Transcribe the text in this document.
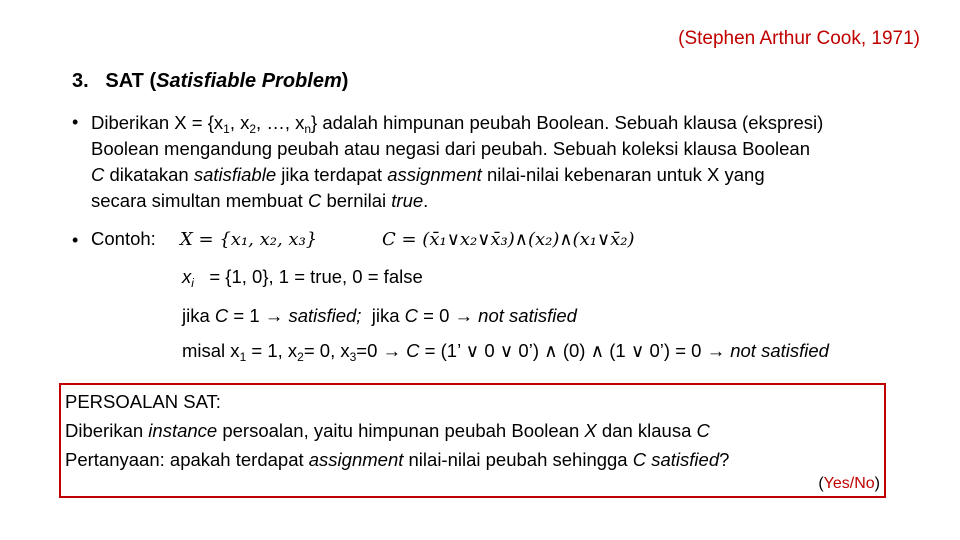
(Stephen Arthur Cook, 1971)
3. SAT (Satisfiable Problem)
• Diberikan $X = \{x_1$, $x_2$, …, $x_n$} adalah himpunan peubah Boolean. Sebuah klausa (ekspresi)
Boolean mengandung peubah atau negasi dari peubah. Sebuah koleksi klausa Boolean
C dikatakan satisfiable jika terdapat assignment nilai-nilai kebenaran untuk X yang
secara simultan membuat C bernilai true.
• Contoh: X = {x₁, x₂, x₃}	C = (x̄₁∨x₂∨x̄₃)∧(x₂)∧(x₁∨x̄₂)
$x_i = \{1$, 0}, 1 = true, 0 = false
jika C = 1 → satisfied;  jika C = 0 → not satisfied
misal $x_1 = 1$, $x_2= 0$, $x_3=0 \to C = (1$’ ∨ 0 ∨ 0’) ∧ (0) ∧ (1 ∨ 0’) = 0 → not satisfied
PERSOALAN SAT:
Diberikan instance persoalan, yaitu himpunan peubah Boolean X dan klausa C
Pertanyaan: apakah terdapat assignment nilai-nilai peubah sehingga C satisfied?
(Yes/No)
